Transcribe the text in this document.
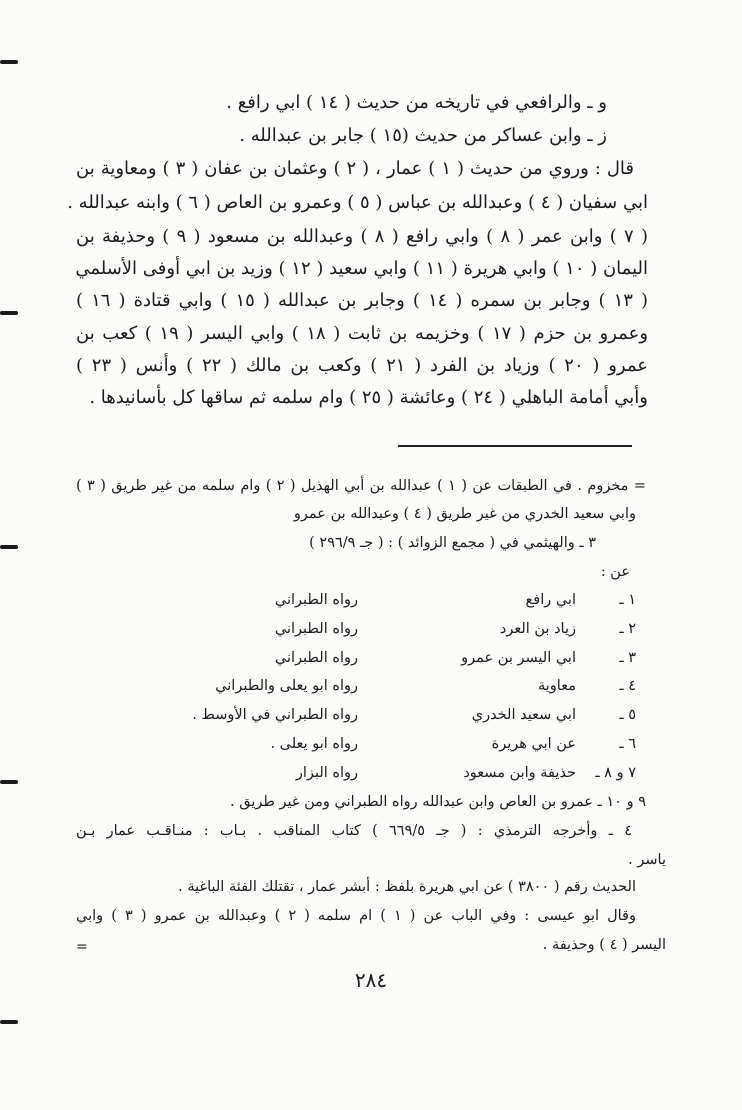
و ـ والرافعي في تاريخه من حديث ( ١٤ ) ابي رافع .
ز ـ وابن عساكر من حديث (١٥ ) جابر بن عبدالله .
قال : وروي من حديث ( ١ ) عمار ، ( ٢ ) وعثمان بن عفان ( ٣ ) ومعاوية بن
ابي سفيان ( ٤ ) وعبدالله بن عباس ( ٥ ) وعمرو بن العاص ( ٦ ) وابنه عبدالله .
( ٧ ) وابن عمر ( ٨ ) وابي رافع ( ٨ ) وعبدالله بن مسعود ( ٩ ) وحذيفة بن
اليمان ( ١٠ ) وابي هريرة ( ١١ ) وابي سعيد ( ١٢ ) وزيد بن ابي أوفى الأسلمي
( ١٣ ) وجابر بن سمره ( ١٤ ) وجابر بن عبدالله ( ١٥ ) وابي قتادة ( ١٦ )
وعمرو بن حزم ( ١٧ ) وخزيمه بن ثابت ( ١٨ ) وابي اليسر ( ١٩ ) كعب بن
عمرو ( ٢٠ ) وزياد بن الفرد ( ٢١ ) وكعب بن مالك ( ٢٢ ) وأنس ( ٢٣ )
وأبي أمامة الباهلي ( ٢٤ ) وعائشة ( ٢٥ ) وام سلمه ثم ساقها كل بأسانيدها .
= مخزوم . في الطبقات عن ( ١ ) عبدالله بن أبي الهذيل ( ٢ ) وام سلمه من غير طريق ( ٣ )
وابي سعيد الخدري من غير طريق ( ٤ ) وعبدالله بن عمرو
٣ ـ والهيثمي في ( مجمع الزوائد ) : ( جـ ٢٩٦/٩ )
عن :
١ ـ
ابي رافع
رواه الطبراني
٢ ـ
زياد بن العرد
رواه الطبراني
٣ ـ
ابي اليسر بن عمرو
رواه الطبراني
٤ ـ
معاوية
رواه ابو يعلى والطبراني
٥ ـ
ابي سعيد الخدري
رواه الطبراني في الأوسط .
٦ ـ
عن ابي هريرة
رواه ابو يعلى .
٧ و ٨ ـ
حذيفة وابن مسعود
رواه البزار
٩ و ١٠ ـ عمرو بن العاص وابن عبدالله رواه الطبراني ومن غير طريق .
٤ ـ وأخرجه الترمذي : ( جـ ٦٦٩/٥ ) كتاب المناقب . بـاب : منـاقـب عمار بـن
ياسر .
الحديث رقم ( ٣٨٠٠ ) عن ابي هريرة بلفظ : أبشر عمار ، تقتلك الفئة الباغية .
وقال ابو عيسى : وفي الباب عن ( ١ ) ام سلمه ( ٢ ) وعبدالله بن عمرو ( ٣ ) وابي
اليسر ( ٤ ) وحذيفة .
=
٢٨٤
